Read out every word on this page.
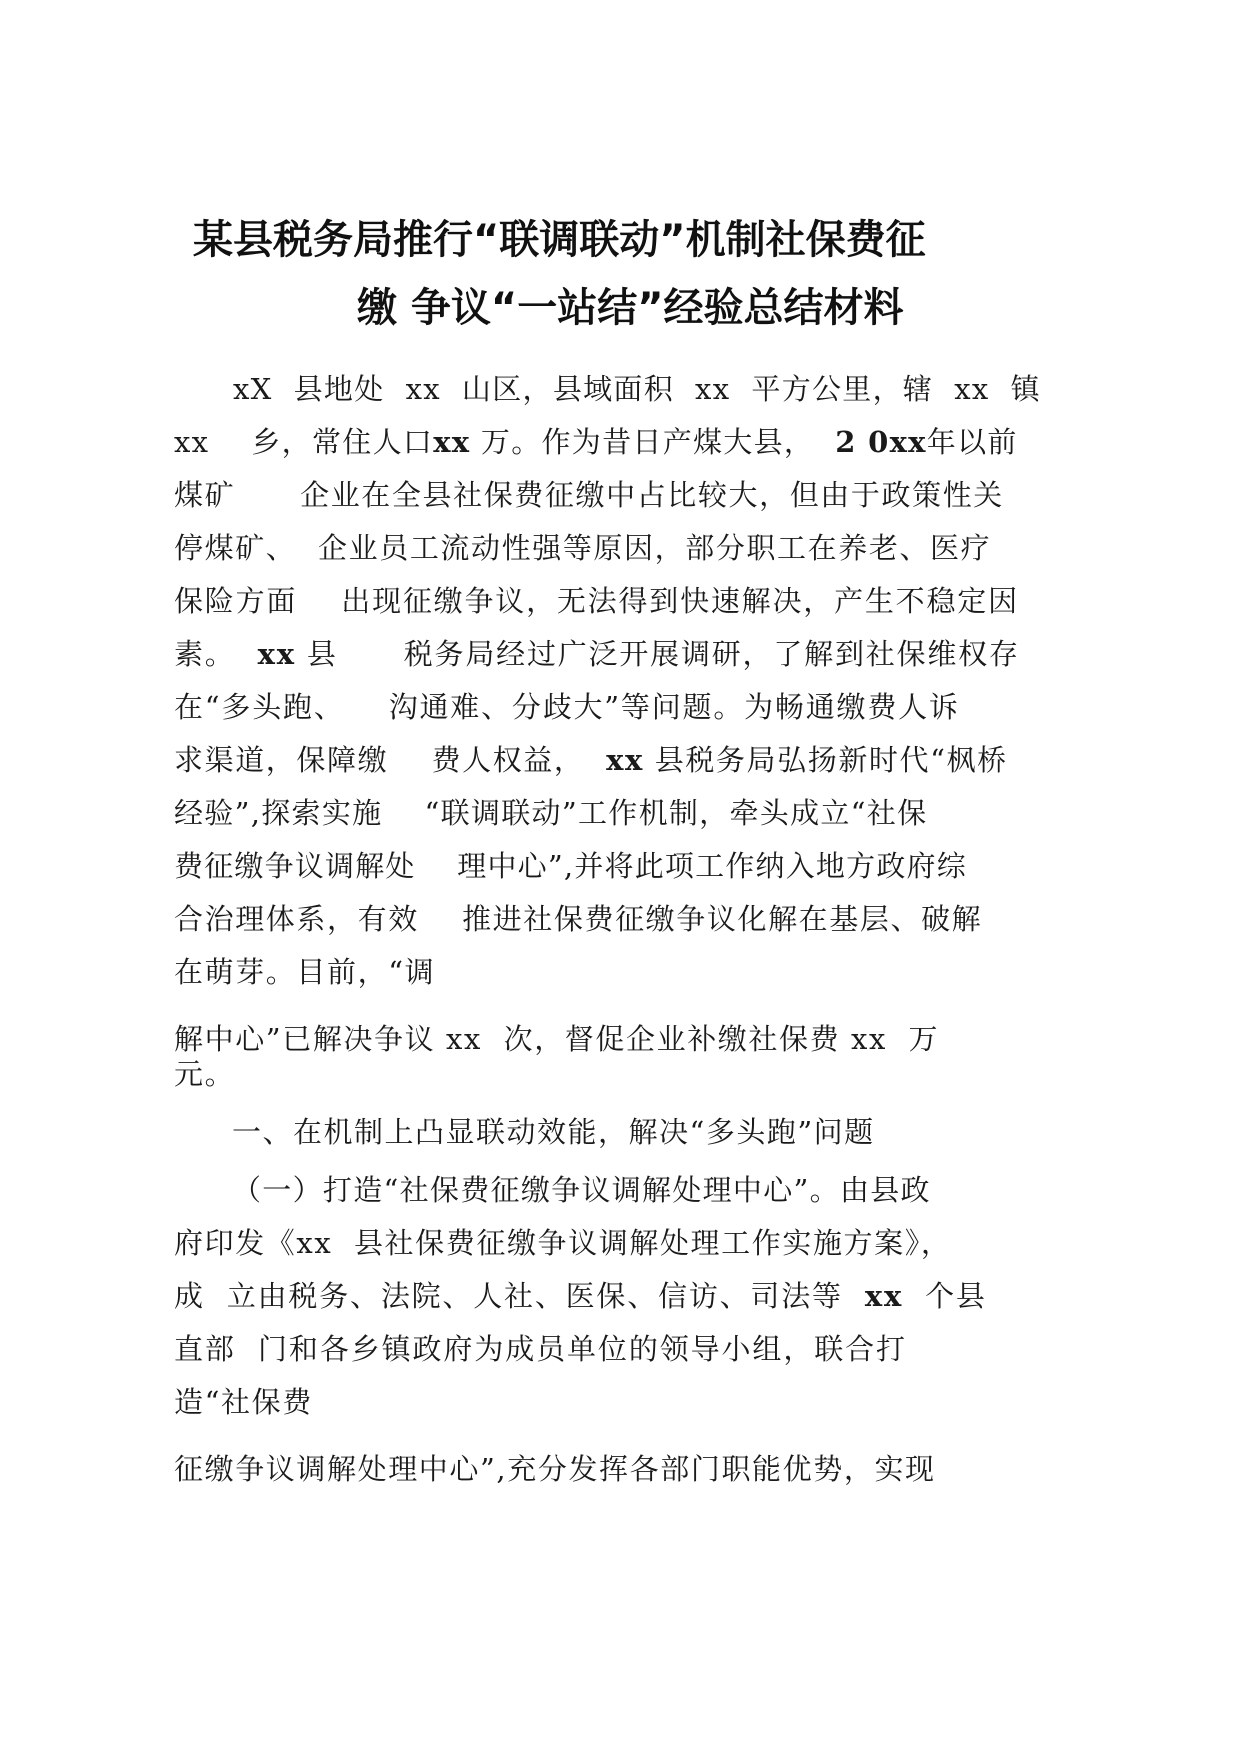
某县税务局推行“联调联动”机制社保费征
缴 争议“一站结”经验总结材料

xX  县地处  xx  山区，县域面积  xx  平方公里，辖  xx  镇

xx    乡，常住人口xx 万。作为昔日产煤大县，  2 0xx年以前

煤矿      企业在全县社保费征缴中占比较大，但由于政策性关

停煤矿、  企业员工流动性强等原因，部分职工在养老、医疗

保险方面    出现征缴争议，无法得到快速解决，产生不稳定因

素。  xx 县      税务局经过广泛开展调研，了解到社保维权存

在“多头跑、    沟通难、分歧大”等问题。为畅通缴费人诉

求渠道，保障缴    费人权益，  xx 县税务局弘扬新时代“枫桥

经验”,探索实施    “联调联动”工作机制，牵头成立“社保

费征缴争议调解处    理中心”,并将此项工作纳入地方政府综

合治理体系，有效    推进社保费征缴争议化解在基层、破解

在萌芽。目前，“调

解中心”已解决争议 xx  次，督促企业补缴社保费 xx  万

元。

一、在机制上凸显联动效能，解决“多头跑”问题

（一）打造“社保费征缴争议调解处理中心”。由县政

府印发《xx  县社保费征缴争议调解处理工作实施方案》，

成  立由税务、法院、人社、医保、信访、司法等  xx  个县

直部  门和各乡镇政府为成员单位的领导小组，联合打

造“社保费

征缴争议调解处理中心”,充分发挥各部门职能优势，实现
